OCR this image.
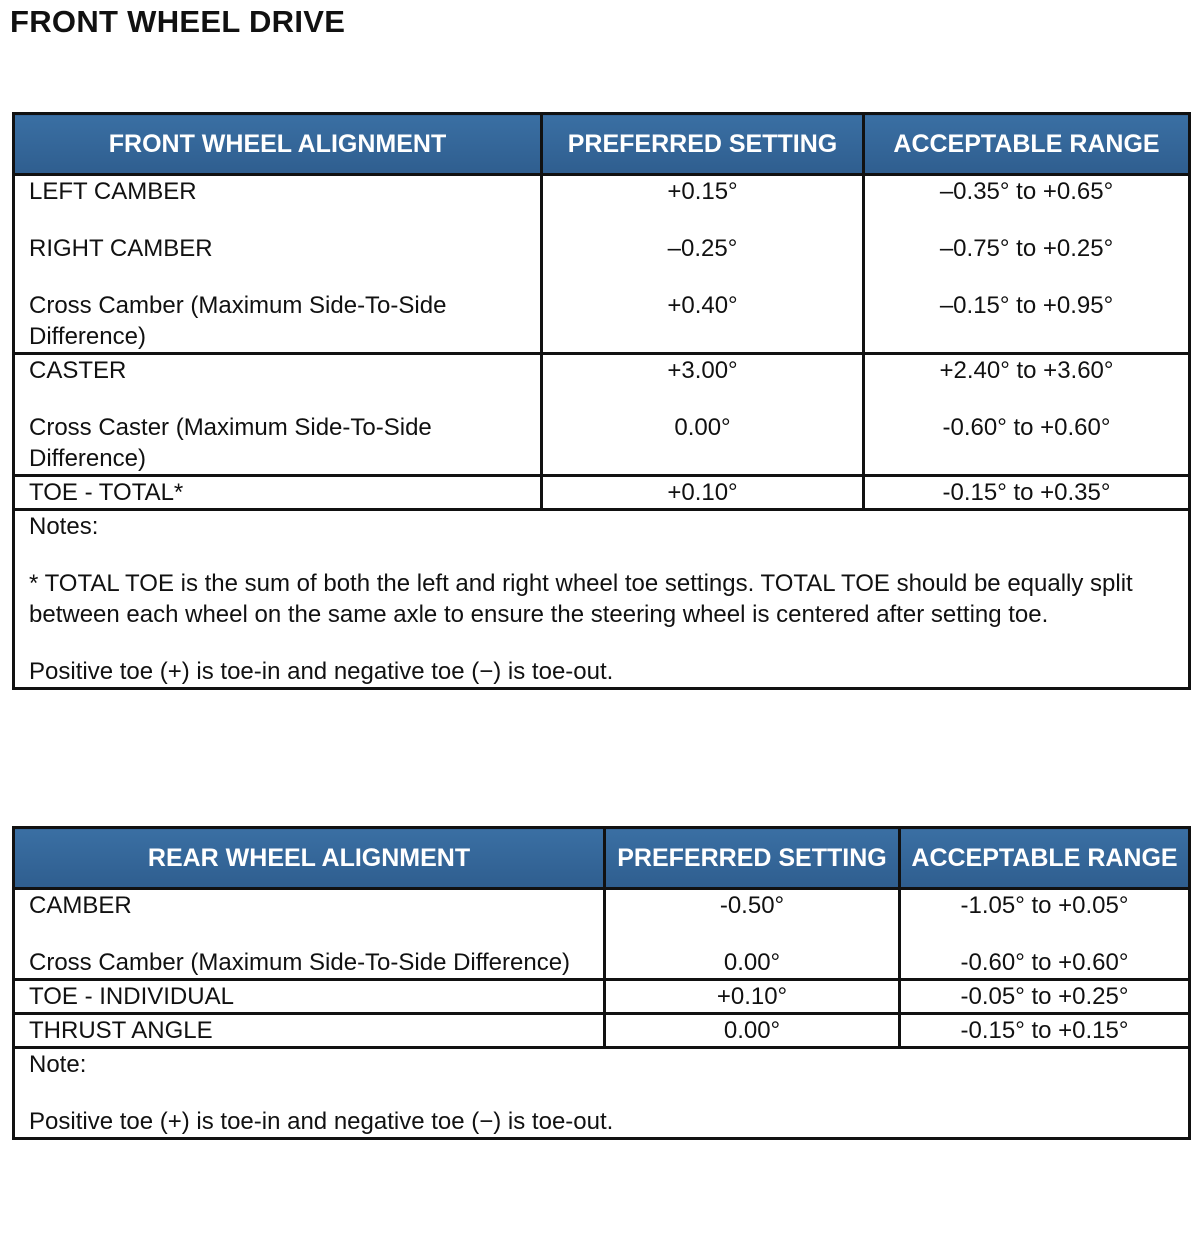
FRONT WHEEL DRIVE
FRONT WHEEL ALIGNMENT	PREFERRED SETTING	ACCEPTABLE RANGE
LEFT CAMBER	+0.15°	–0.35° to +0.65°
RIGHT CAMBER	–0.25°	–0.75° to +0.25°
Cross Camber (Maximum Side-To-Side Difference)	+0.40°	–0.15° to +0.95°
CASTER	+3.00°	+2.40° to +3.60°
Cross Caster (Maximum Side-To-Side Difference)	0.00°	-0.60° to +0.60°
TOE - TOTAL*	+0.10°	-0.15° to +0.35°

Notes:

* TOTAL TOE is the sum of both the left and right wheel toe settings. TOTAL TOE should be equally split between each wheel on the same axle to ensure the steering wheel is centered after setting toe.

Positive toe (+) is toe-in and negative toe (−) is toe-out.		

REAR WHEEL ALIGNMENT	PREFERRED SETTING	ACCEPTABLE RANGE
CAMBER	-0.50°	-1.05° to +0.05°
Cross Camber (Maximum Side-To-Side Difference)	0.00°	-0.60° to +0.60°
TOE - INDIVIDUAL	+0.10°	-0.05° to +0.25°
THRUST ANGLE	0.00°	-0.15° to +0.15°

Note:

Positive toe (+) is toe-in and negative toe (−) is toe-out.		
